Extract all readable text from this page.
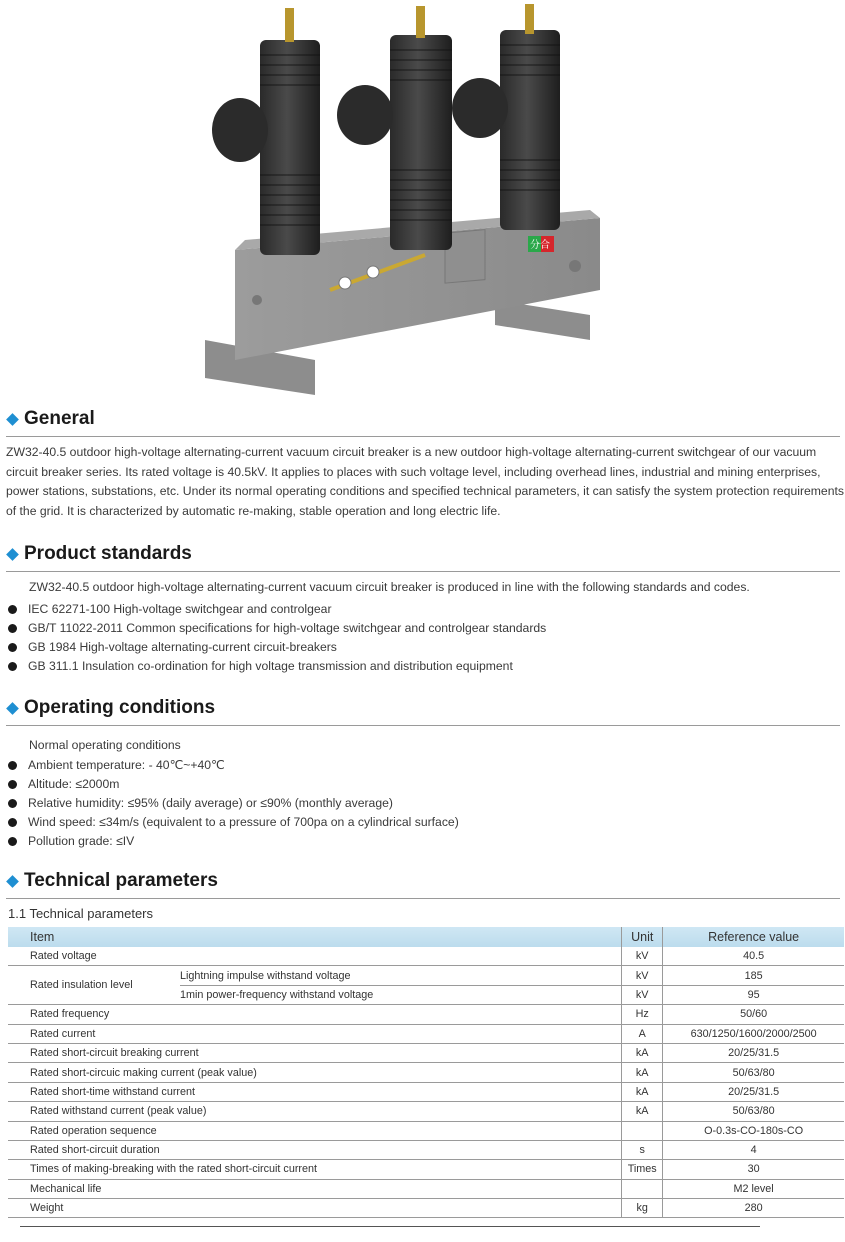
分合
General
ZW32-40.5 outdoor high-voltage alternating-current vacuum circuit breaker is a new outdoor high-voltage alternating-current switchgear of our vacuum circuit breaker series. Its rated voltage is 40.5kV. It applies to places with such voltage level, including overhead lines, industrial and mining enterprises, power stations, substations, etc. Under its normal operating conditions and specified technical parameters, it can satisfy the system protection requirements of the grid. It is characterized by automatic re-making, stable operation and long electric life.
Product standards
ZW32-40.5 outdoor high-voltage alternating-current vacuum circuit breaker is produced in line with the following standards and codes.
IEC 62271-100 High-voltage switchgear and controlgear
GB/T 11022-2011 Common specifications for high-voltage switchgear and controlgear standards
GB 1984 High-voltage alternating-current circuit-breakers
GB 311.1 Insulation co-ordination for high voltage transmission and distribution equipment
Operating conditions
Normal operating conditions
Ambient temperature: - 40℃~+40℃
Altitude: ≤2000m
Relative humidity: ≤95% (daily average) or ≤90% (monthly average)
Wind speed: ≤34m/s (equivalent to a pressure of 700pa on a cylindrical surface)
Pollution grade: ≤IV
Technical parameters
1.1 Technical parameters
Item		Unit	Reference value
Rated voltage		kV	40.5
Rated insulation level	Lightning impulse withstand voltage	kV	185
	1min power-frequency withstand voltage	kV	95
Rated frequency		Hz	50/60
Rated current		A	630/1250/1600/2000/2500
Rated short-circuit breaking current		kA	20/25/31.5
Rated short-circuic making current (peak value)		kA	50/63/80
Rated short-time withstand current		kA	20/25/31.5
Rated withstand current (peak value)		kA	50/63/80
Rated operation sequence			O-0.3s-CO-180s-CO
Rated short-circuit duration		s	4
Times of making-breaking with the rated short-circuit current		Times	30
Mechanical life			M2 level
Weight		kg	280
